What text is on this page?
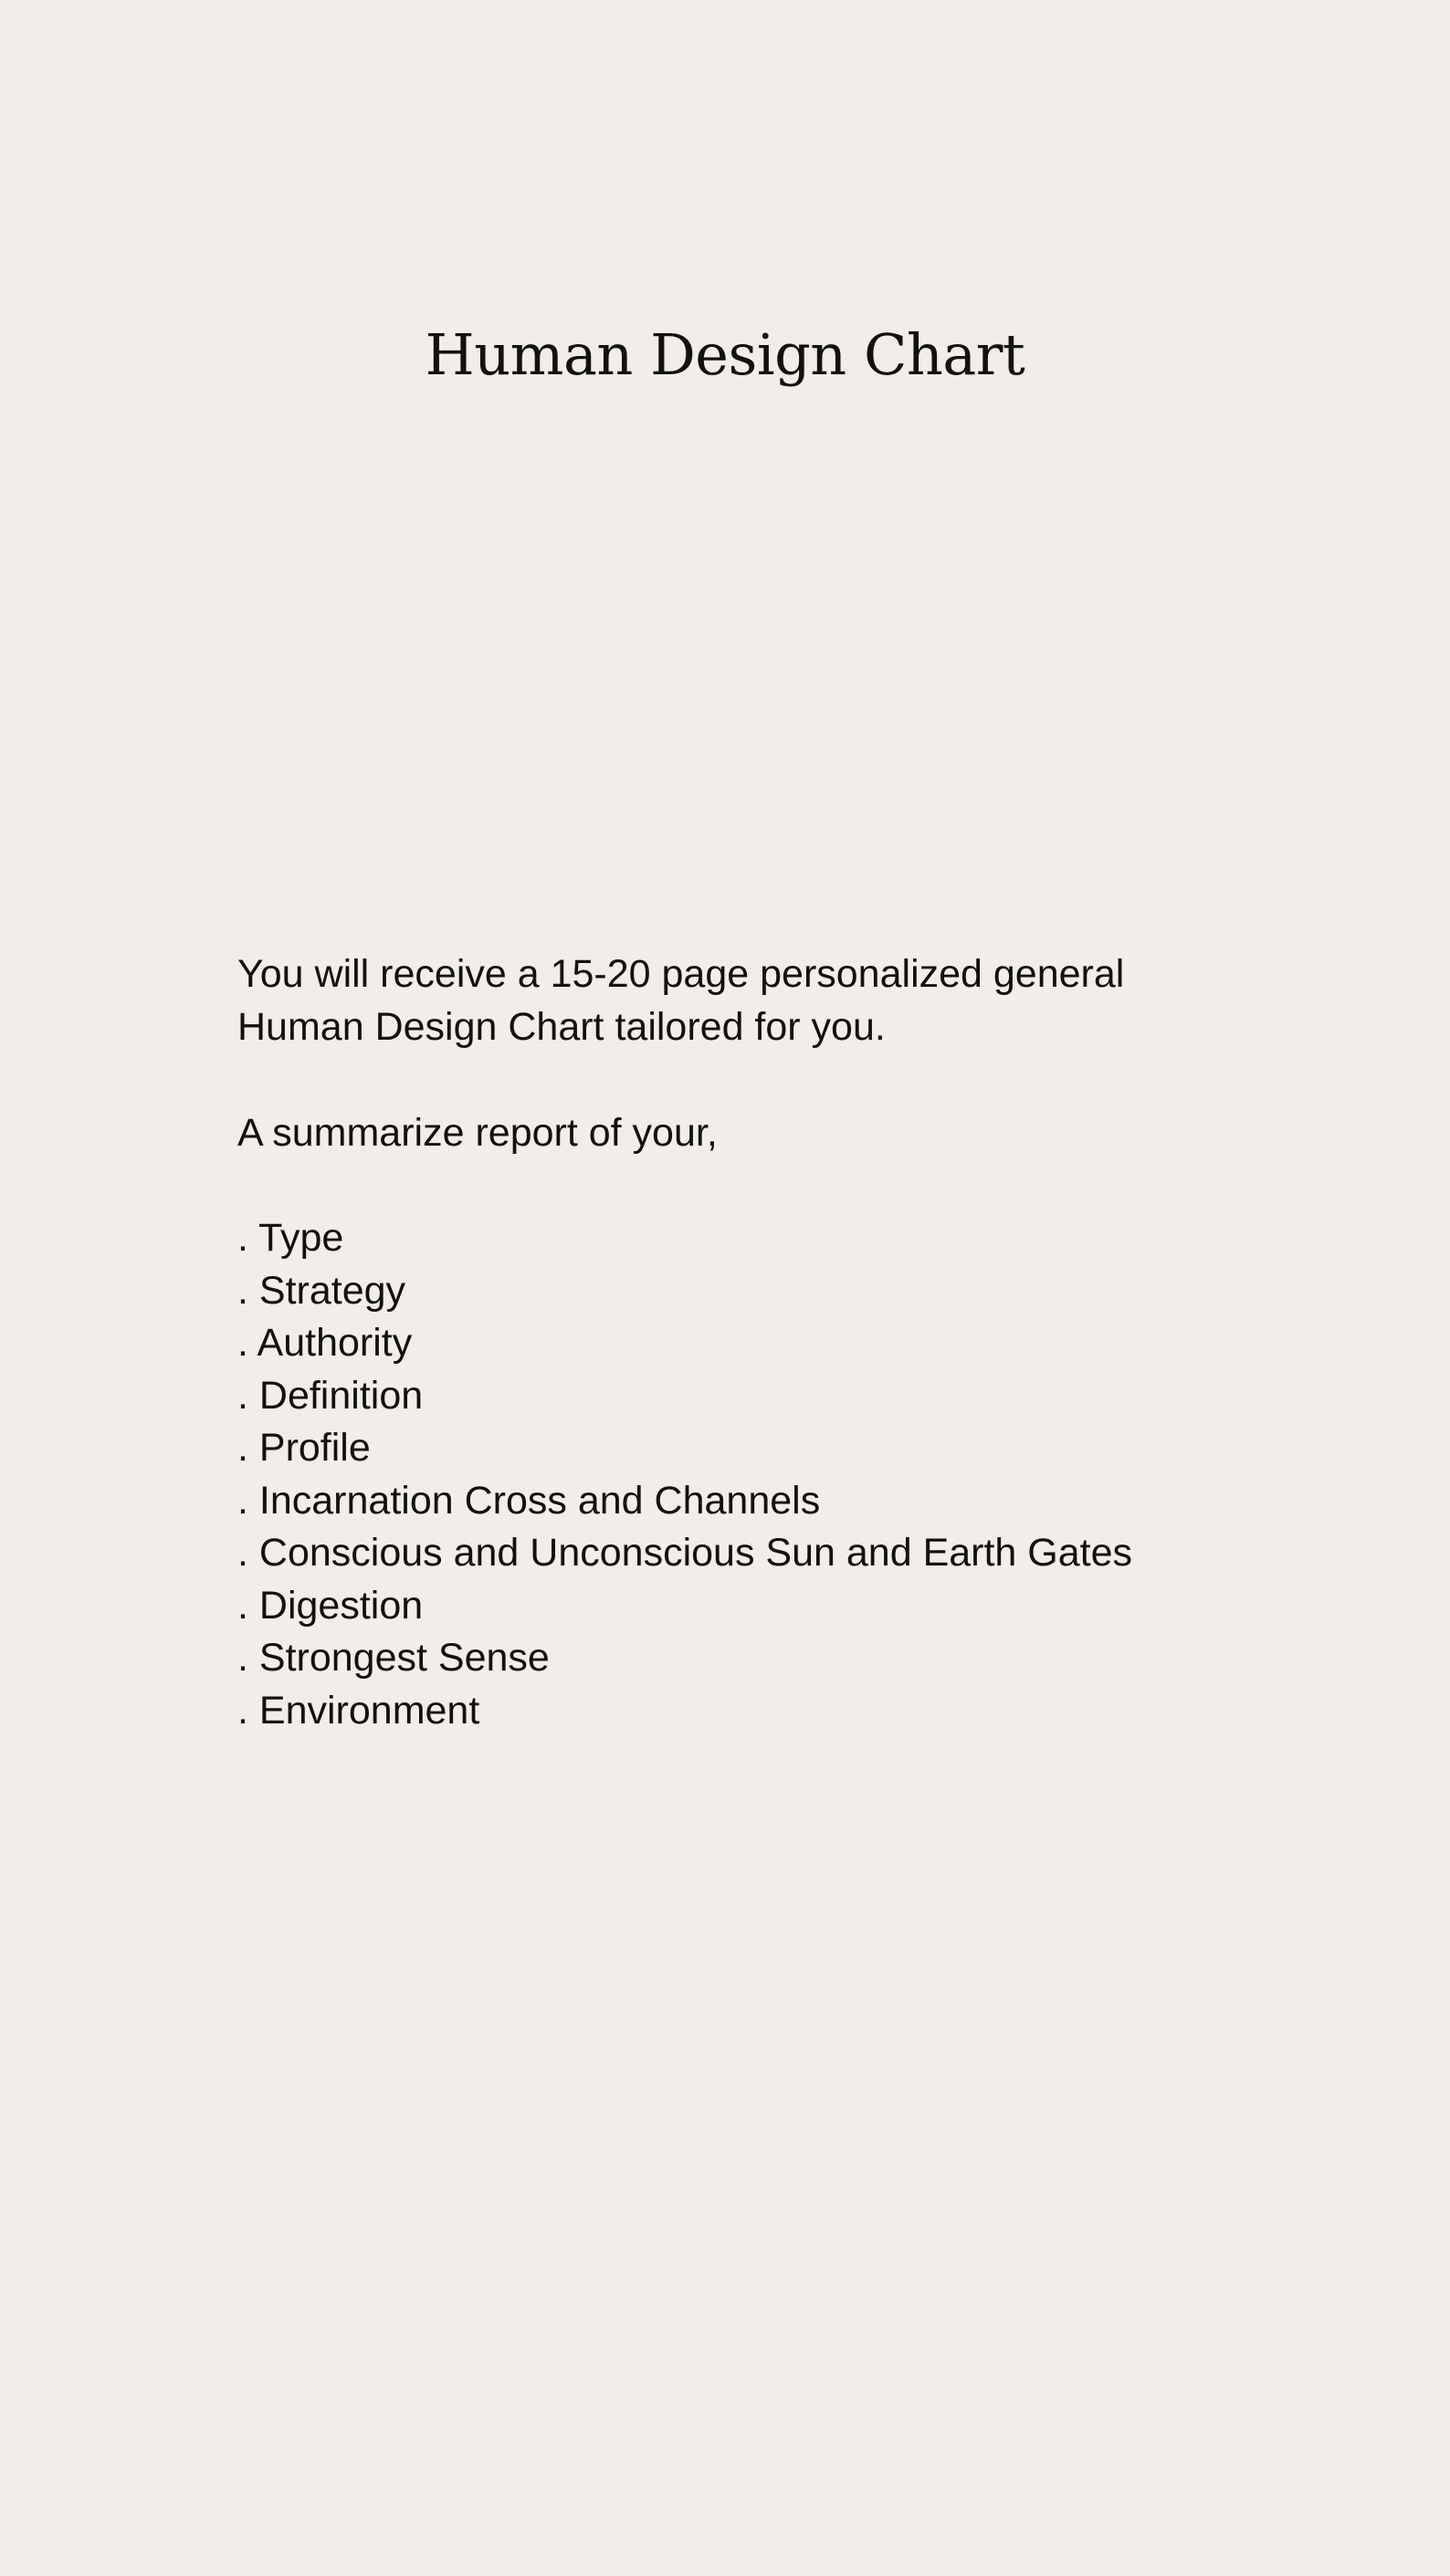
Human Design Chart
You will receive a 15-20 page personalized general
Human Design Chart tailored for you.
A summarize report of your,
. Type
. Strategy
. Authority
. Definition
. Profile
. Incarnation Cross and Channels
. Conscious and Unconscious Sun and Earth Gates
. Digestion
. Strongest Sense
. Environment
